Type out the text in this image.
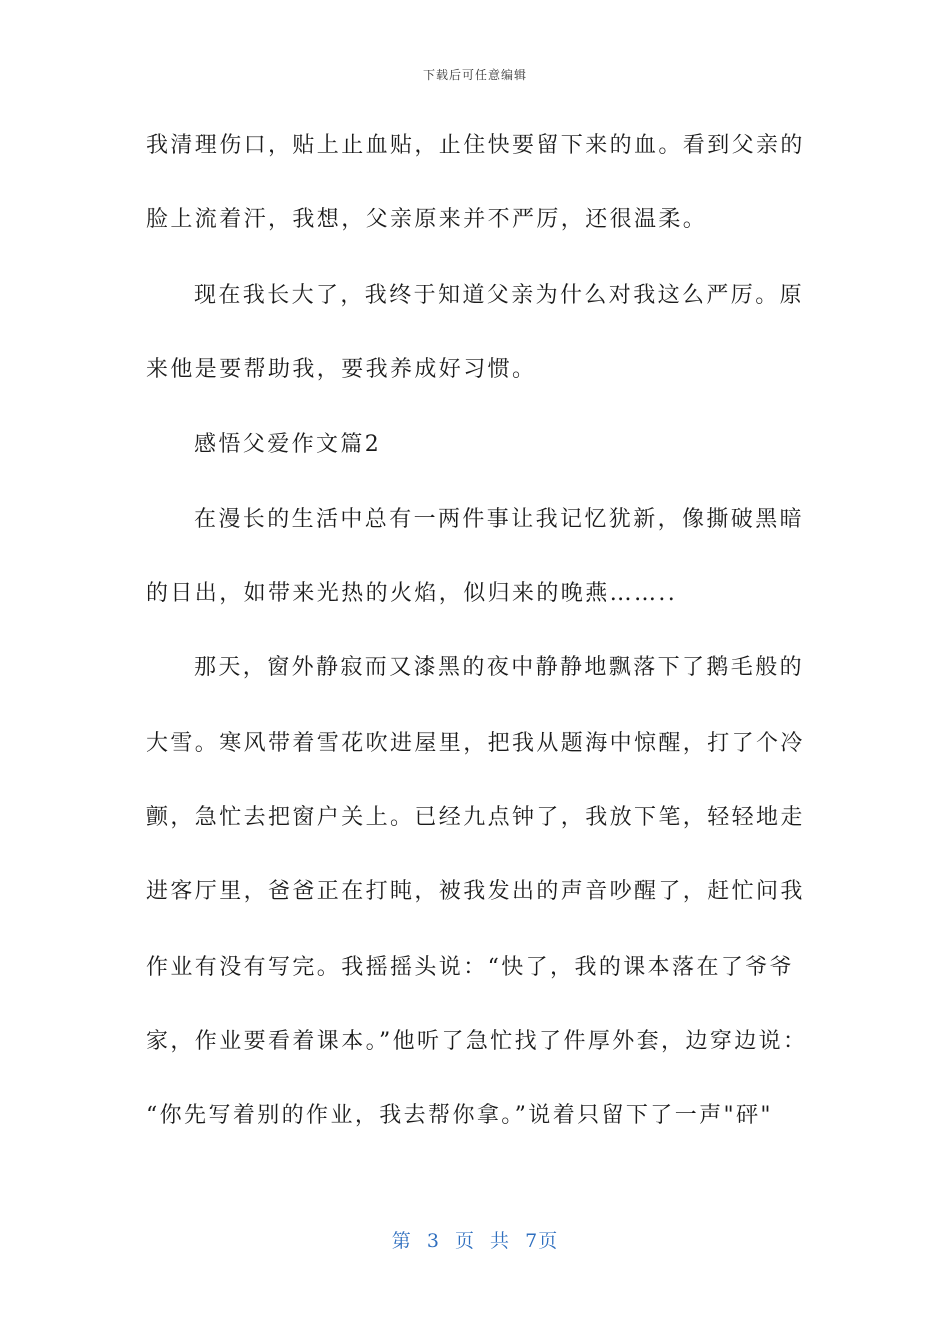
下载后可任意编辑
我清理伤口，贴上止血贴，止住快要留下来的血。看到父亲的
脸上流着汗，我想，父亲原来并不严厉，还很温柔。
现在我长大了，我终于知道父亲为什么对我这么严厉。原
来他是要帮助我，要我养成好习惯。
感悟父爱作文篇2
在漫长的生活中总有一两件事让我记忆犹新，像撕破黑暗
的日出，如带来光热的火焰，似归来的晚燕……..
那天，窗外静寂而又漆黑的夜中静静地飘落下了鹅毛般的
大雪。寒风带着雪花吹进屋里，把我从题海中惊醒，打了个冷
颤，急忙去把窗户关上。已经九点钟了，我放下笔，轻轻地走
进客厅里，爸爸正在打盹，被我发出的声音吵醒了，赶忙问我
作业有没有写完。我摇摇头说：“快了，我的课本落在了爷爷
家，作业要看着课本。”他听了急忙找了件厚外套，边穿边说：
“你先写着别的作业，我去帮你拿。”说着只留下了一声"砰"
第 3 页 共 7页
